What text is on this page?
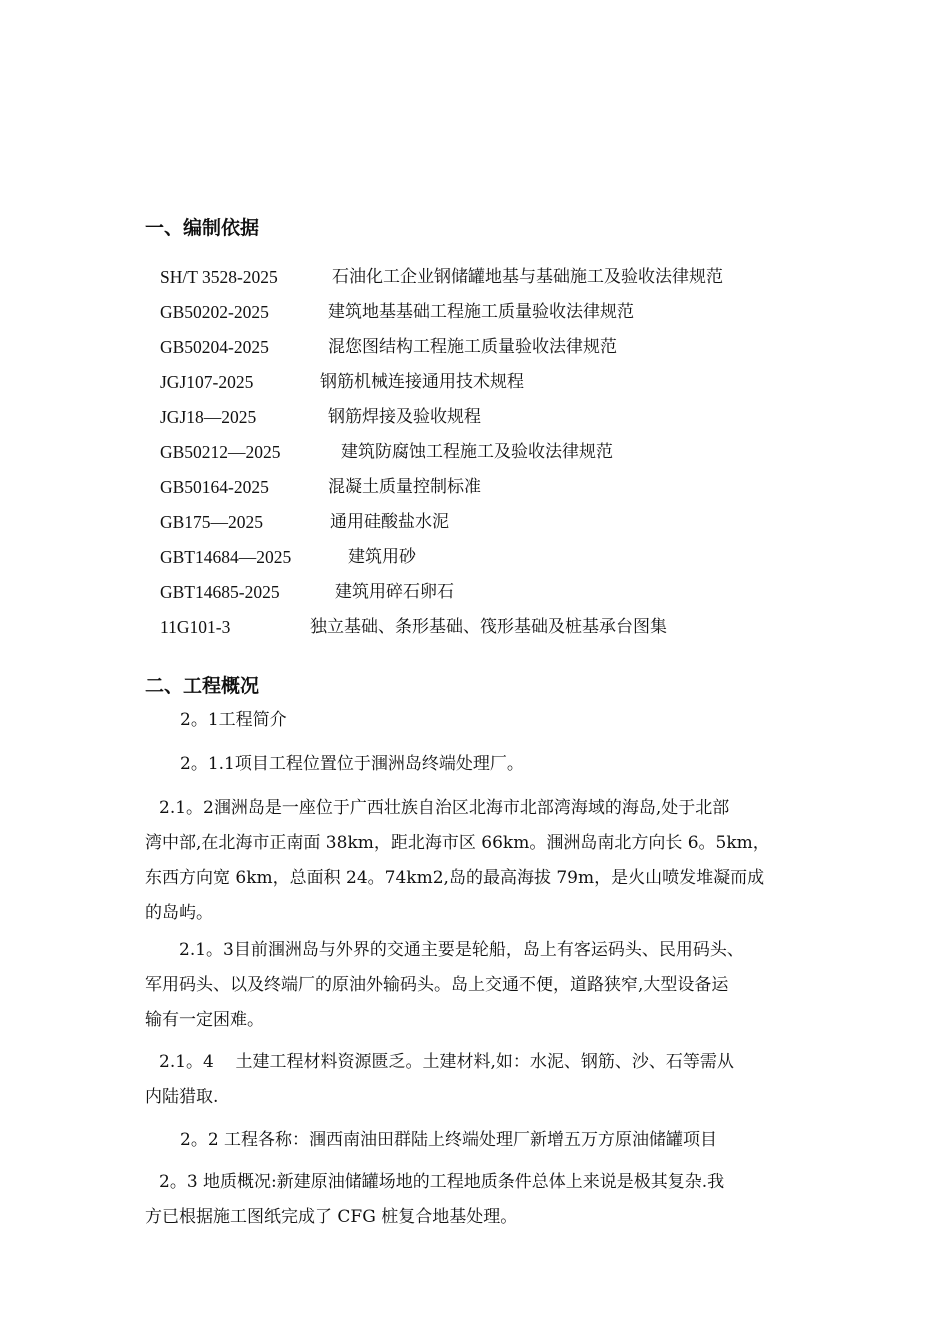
一、编制依据
SH/T 3528-2025	石油化工企业钢储罐地基与基础施工及验收法律规范
GB50202-2025	建筑地基基础工程施工质量验收法律规范
GB50204-2025	混您图结构工程施工质量验收法律规范
JGJ107-2025	钢筋机械连接通用技术规程
JGJ18—2025	钢筋焊接及验收规程
GB50212—2025	建筑防腐蚀工程施工及验收法律规范
GB50164-2025	混凝土质量控制标准
GB175—2025	通用硅酸盐水泥
GBT14684—2025	建筑用砂
GBT14685-2025	建筑用碎石卵石
11G101-3	独立基础、条形基础、筏形基础及桩基承台图集
二、工程概况

2。1工程简介

2。1.1项目工程位置位于涠洲岛终端处理厂。

2.1。2涠洲岛是一座位于广西壮族自治区北海市北部湾海域的海岛,处于北部
湾中部,在北海市正南面 38km，距北海市区 66km。涠洲岛南北方向长 6。5km，
东西方向宽 6km，总面积 24。74km2,岛的最高海拔 79m，是火山喷发堆凝而成
的岛屿。

2.1。3目前涠洲岛与外界的交通主要是轮船，岛上有客运码头、民用码头、
军用码头、以及终端厂的原油外输码头。岛上交通不便，道路狭窄,大型设备运
输有一定困难。

2.1。4    土建工程材料资源匮乏。土建材料,如：水泥、钢筋、沙、石等需从
内陆猎取.

2。2 工程各称：涠西南油田群陆上终端处理厂新增五万方原油储罐项目

2。3 地质概况:新建原油储罐场地的工程地质条件总体上来说是极其复杂.我
方已根据施工图纸完成了 CFG 桩复合地基处理。
